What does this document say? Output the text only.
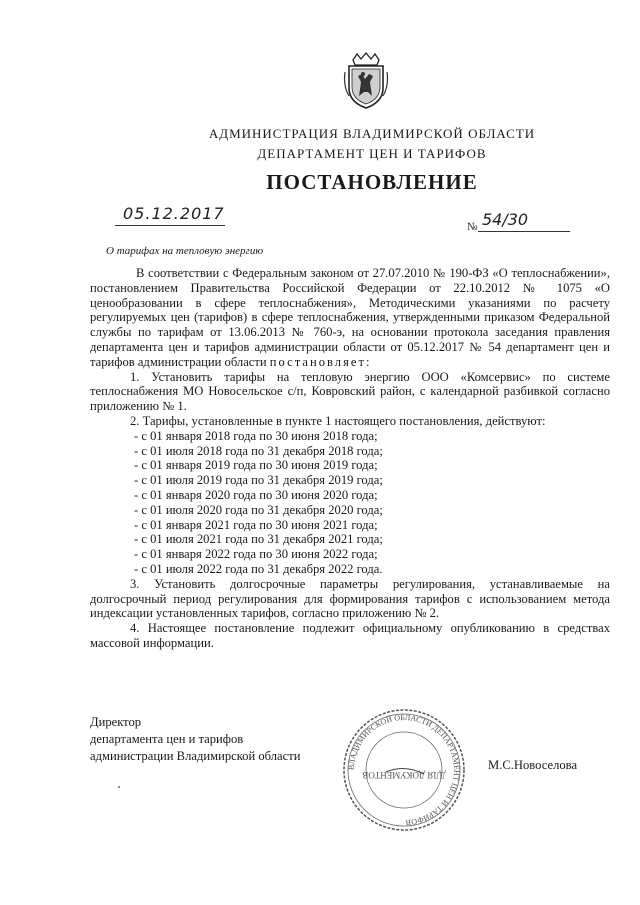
АДМИНИСТРАЦИЯ ВЛАДИМИРСКОЙ ОБЛАСТИ
ДЕПАРТАМЕНТ ЦЕН И ТАРИФОВ
ПОСТАНОВЛЕНИЕ
05.12.2017
№ 54/30
О тарифах на тепловую энергию

В соответствии с Федеральным законом от 27.07.2010 № 190-ФЗ «О теплоснабжении», постановлением Правительства Российской Федерации от 22.10.2012 № 1075 «О ценообразовании в сфере теплоснабжения», Методическими указаниями по расчету регулируемых цен (тарифов) в сфере теплоснабжения, утвержденными приказом Федеральной службы по тарифам от 13.06.2013 № 760-э, на основании протокола заседания правления департамента цен и тарифов администрации области от 05.12.2017 № 54 департамент цен и тарифов администрации области постановляет:

1. Установить тарифы на тепловую энергию ООО «Комсервис» по системе теплоснабжения МО Новосельское с/п, Ковровский район, с календарной разбивкой согласно приложению № 1.

2. Тарифы, установленные в пункте 1 настоящего постановления, действуют:

- с 01 января 2018 года по 30 июня 2018 года;
- с 01 июля 2018 года по 31 декабря 2018 года;
- с 01 января 2019 года по 30 июня 2019 года;
- с 01 июля 2019 года по 31 декабря 2019 года;
- с 01 января 2020 года по 30 июня 2020 года;
- с 01 июля 2020 года по 31 декабря 2020 года;
- с 01 января 2021 года по 30 июня 2021 года;
- с 01 июля 2021 года по 31 декабря 2021 года;
- с 01 января 2022 года по 30 июня 2022 года;
- с 01 июля 2022 года по 31 декабря 2022 года.

3. Установить долгосрочные параметры регулирования, устанавливаемые на долгосрочный период регулирования для формирования тарифов с использованием метода индексации установленных тарифов, согласно приложению № 2.

4. Настоящее постановление подлежит официальному опубликованию в средствах массовой информации.

Директор
департамента цен и тарифов
администрации Владимирской области
М.С.Новоселова
ВЛАДИМИРСКОЙ ОБЛАСТИ ДЕПАРТАМЕНТ ЦЕН И ТАРИФОВ
ДЛЯ ДОКУМЕНТОВ
